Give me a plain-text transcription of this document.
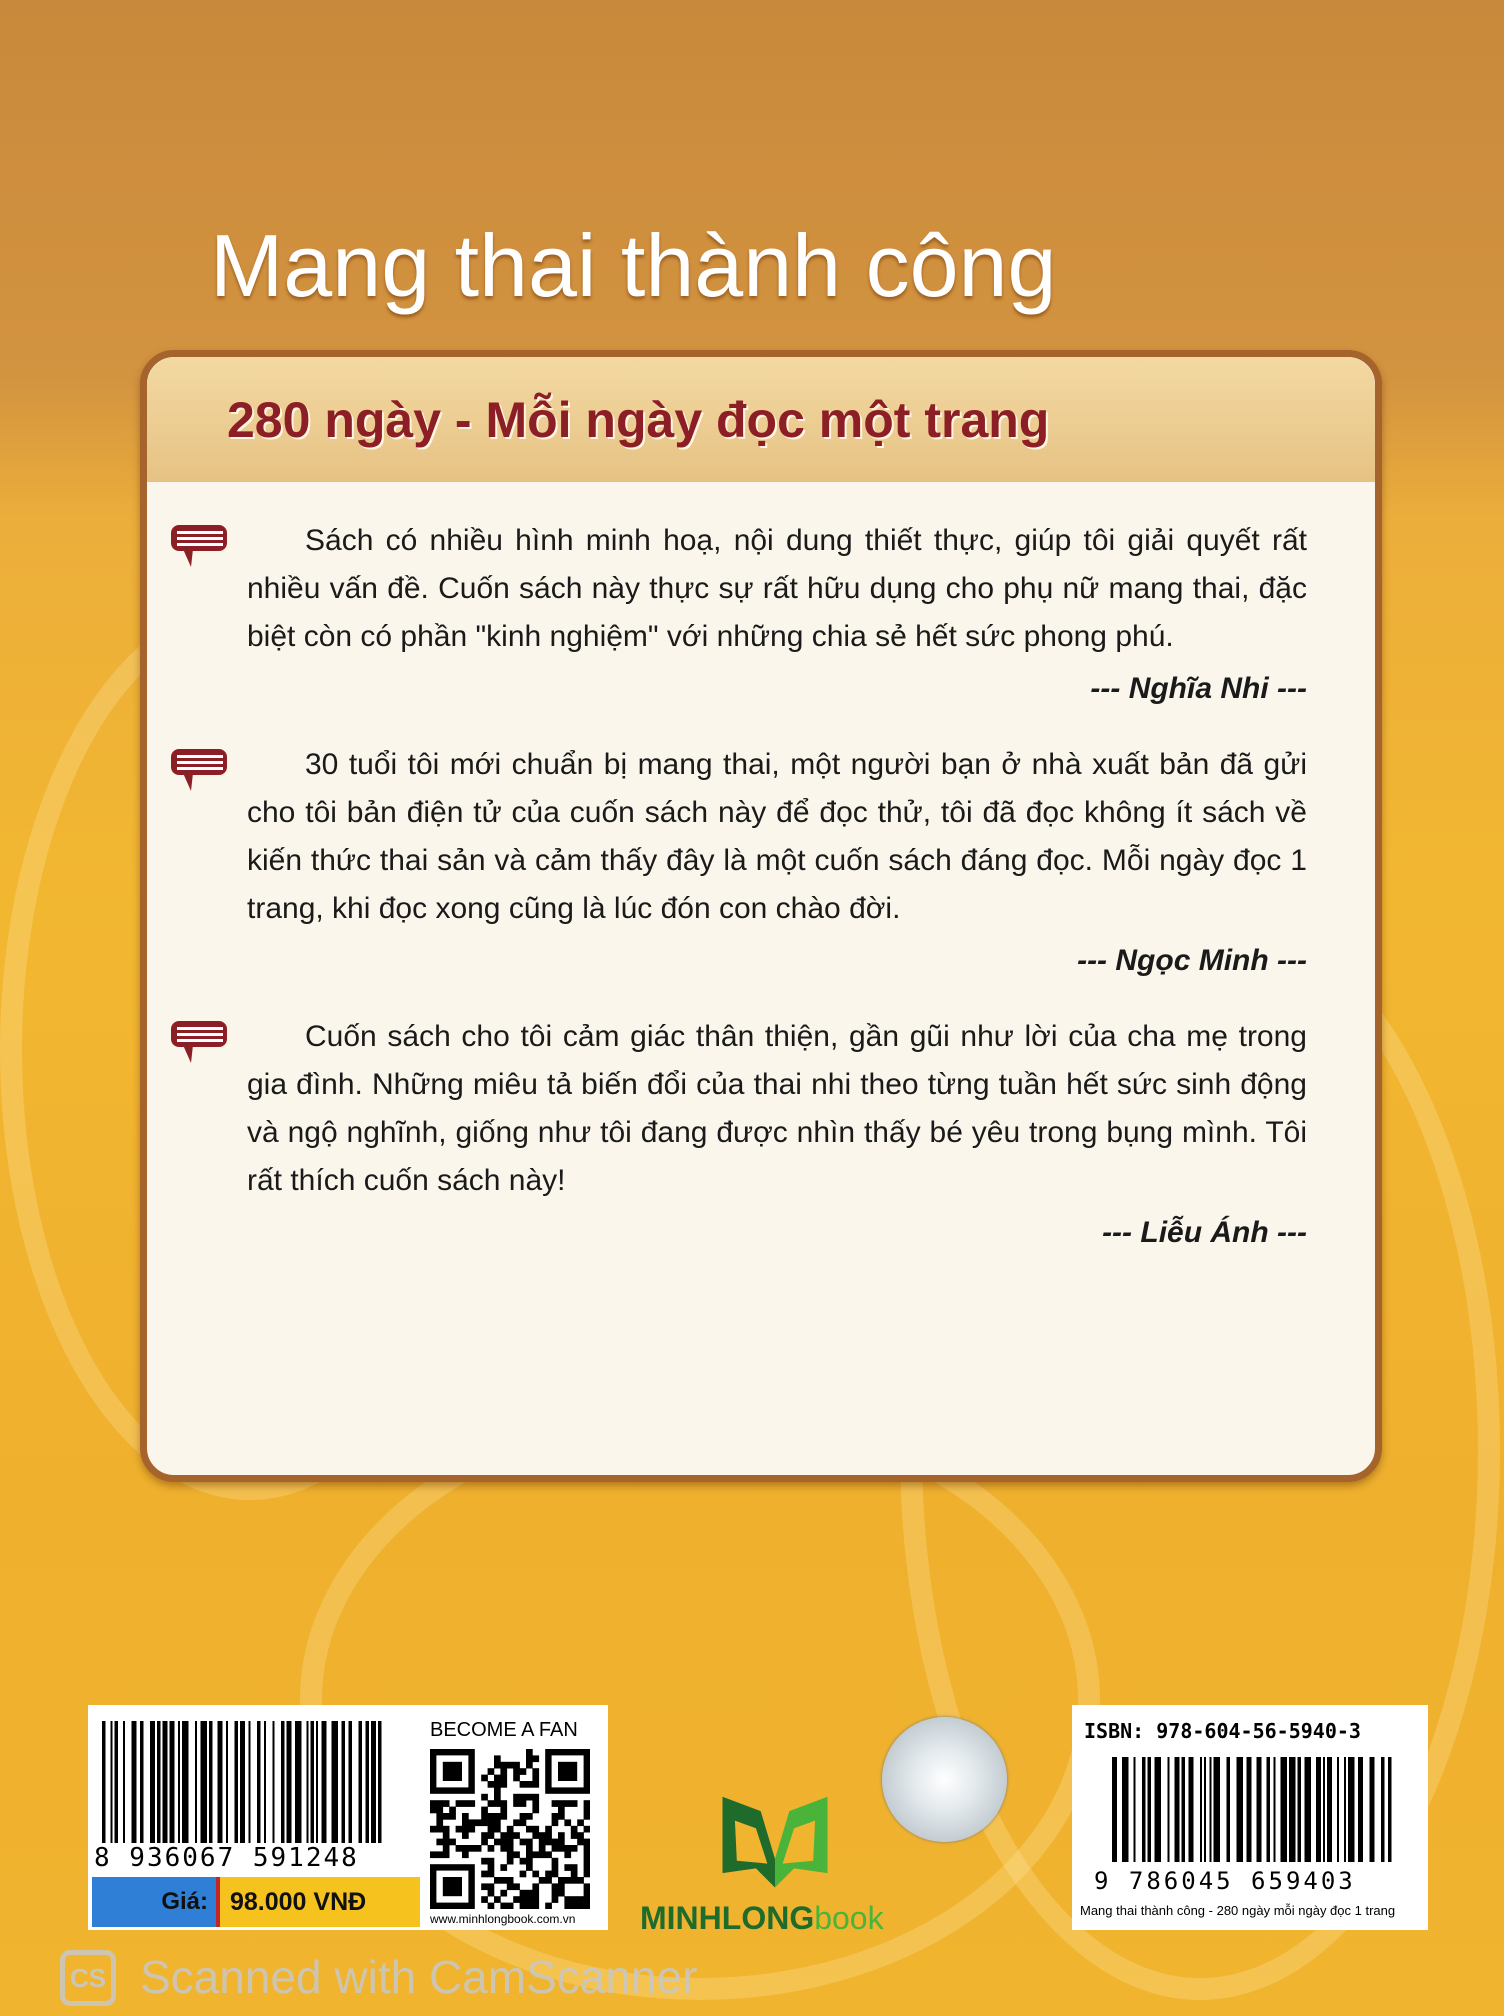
Mang thai thành công
280 ngày - Mỗi ngày đọc một trang

Sách có nhiều hình minh hoạ, nội dung thiết thực, giúp tôi giải quyết rất nhiều vấn đề. Cuốn sách này thực sự rất hữu dụng cho phụ nữ mang thai, đặc biệt còn có phần "kinh nghiệm" với những chia sẻ hết sức phong phú.

--- Nghĩa Nhi ---

30 tuổi tôi mới chuẩn bị mang thai, một người bạn ở nhà xuất bản đã gửi cho tôi bản điện tử của cuốn sách này để đọc thử, tôi đã đọc không ít sách về kiến thức thai sản và cảm thấy đây là một cuốn sách đáng đọc. Mỗi ngày đọc 1 trang, khi đọc xong cũng là lúc đón con chào đời.

--- Ngọc Minh ---

Cuốn sách cho tôi cảm giác thân thiện, gần gũi như lời của cha mẹ trong gia đình. Những miêu tả biến đổi của thai nhi theo từng tuần hết sức sinh động và ngộ nghĩnh, giống như tôi đang được nhìn thấy bé yêu trong bụng mình. Tôi rất thích cuốn sách này!

--- Liễu Ánh ---
8 936067 591248
BECOME A FAN
www.minhlongbook.com.vn
Giá: 98.000 VNĐ	MINHLONGbook
ISBN: 978-604-56-5940-3
9 786045 659403
Mang thai thành công - 280 ngày mỗi ngày đọc 1 trang
CS Scanned with CamScanner
